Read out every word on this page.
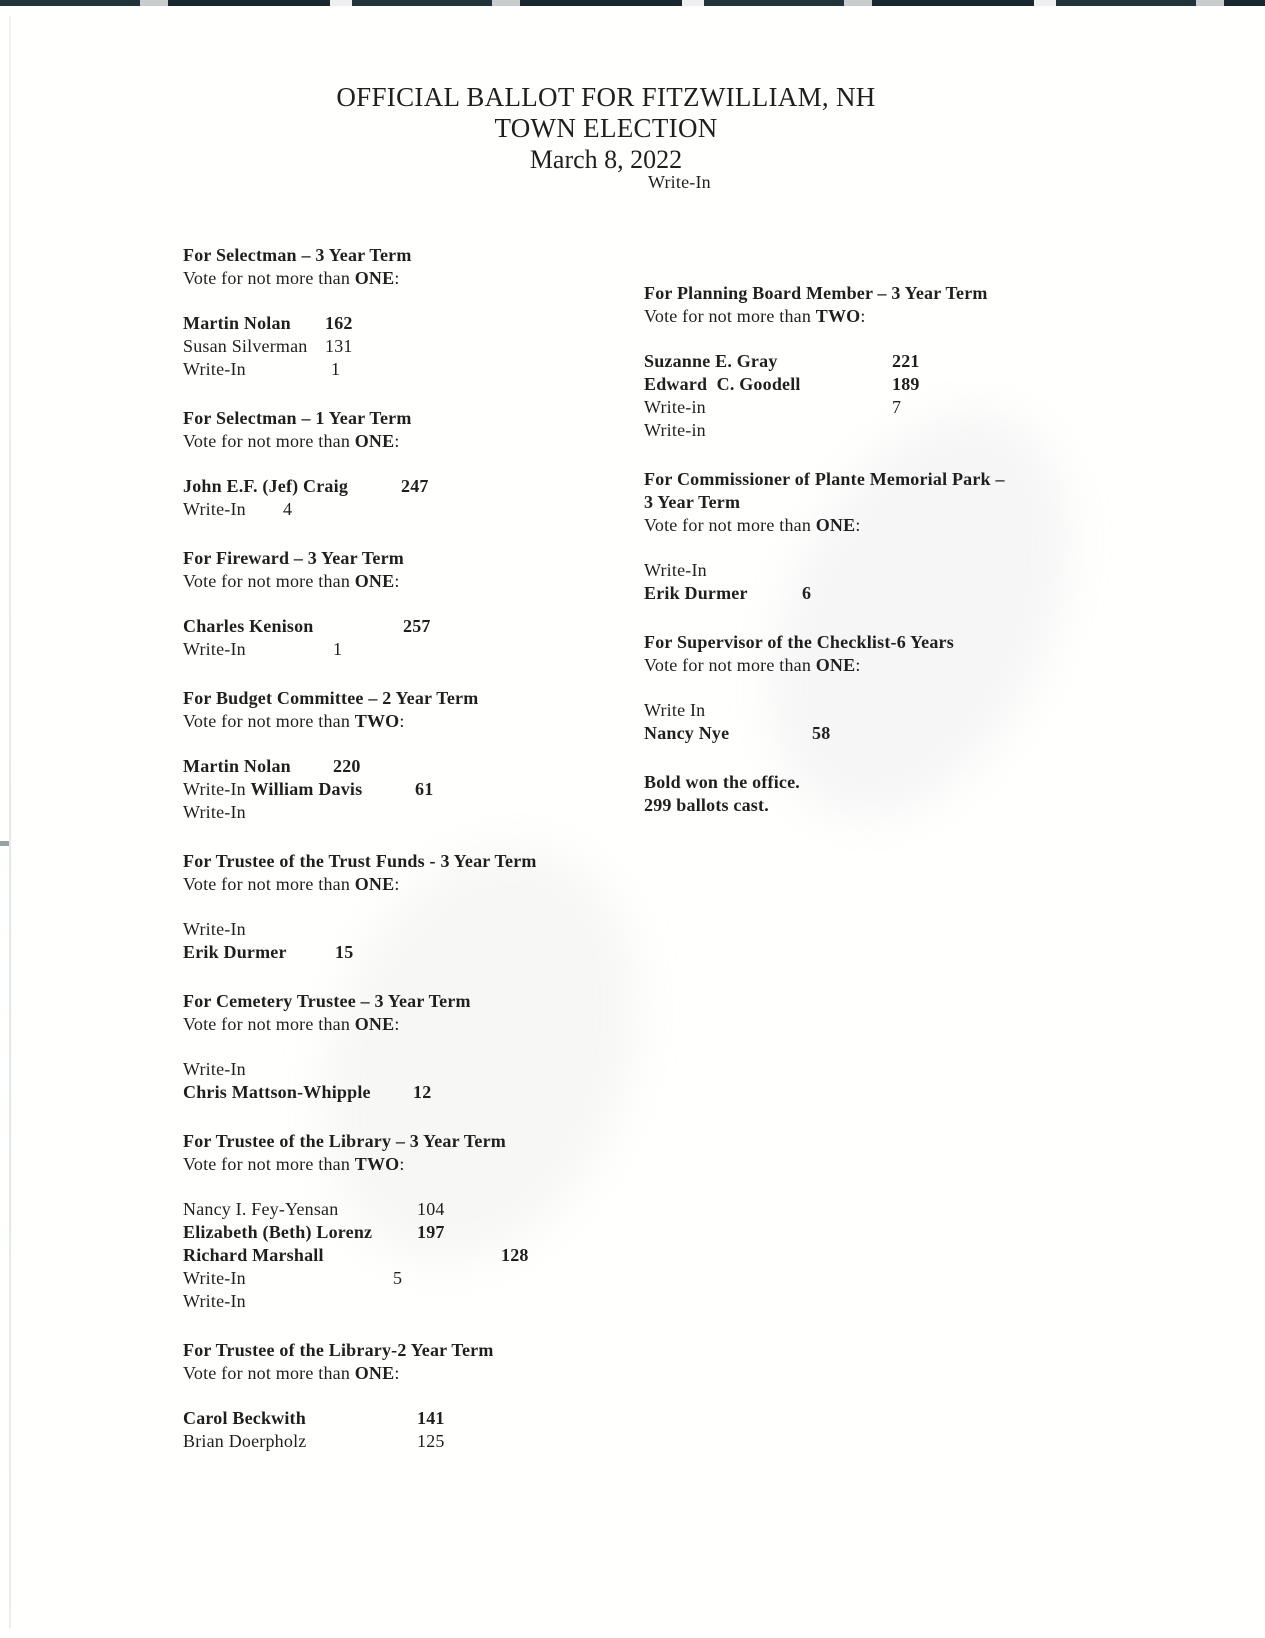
OFFICIAL BALLOT FOR FITZWILLIAM, NH
TOWN ELECTION
March 8, 2022
Write-In
For Selectman – 3 Year Term
Vote for not more than ONE:
Martin Nolan 162
Susan Silverman 131
Write-In	1
For Selectman – 1 Year Term
Vote for not more than ONE:
John E.F. (Jef) Craig	247
Write-In 4
For Fireward – 3 Year Term
Vote for not more than ONE:
Charles Kenison	257
Write-In	1
For Budget Committee – 2 Year Term
Vote for not more than TWO:
Martin Nolan 220
Write-In William Davis	61
Write-In
For Trustee of the Trust Funds - 3 Year Term
Vote for not more than ONE:
Write-In
Erik Durmer	15
For Cemetery Trustee – 3 Year Term
Vote for not more than ONE:
Write-In
Chris Mattson-Whipple 12
For Trustee of the Library – 3 Year Term
Vote for not more than TWO:
Nancy I. Fey-Yensan	104
Elizabeth (Beth) Lorenz 197
Richard Marshall	128
Write-In	5
Write-In
For Trustee of the Library-2 Year Term
Vote for not more than ONE:
Carol Beckwith	141
Brian Doerpholz	125
For Planning Board Member – 3 Year Term
Vote for not more than TWO:
Suzanne E. Gray	221
Edward  C. Goodell	189
Write-in	7
Write-in
For Commissioner of Plante Memorial Park –
3 Year Term
Vote for not more than ONE:
Write-In
Erik Durmer	6
For Supervisor of the Checklist-6 Years
Vote for not more than ONE:
Write In
Nancy Nye	58
Bold won the office.
299 ballots cast.
